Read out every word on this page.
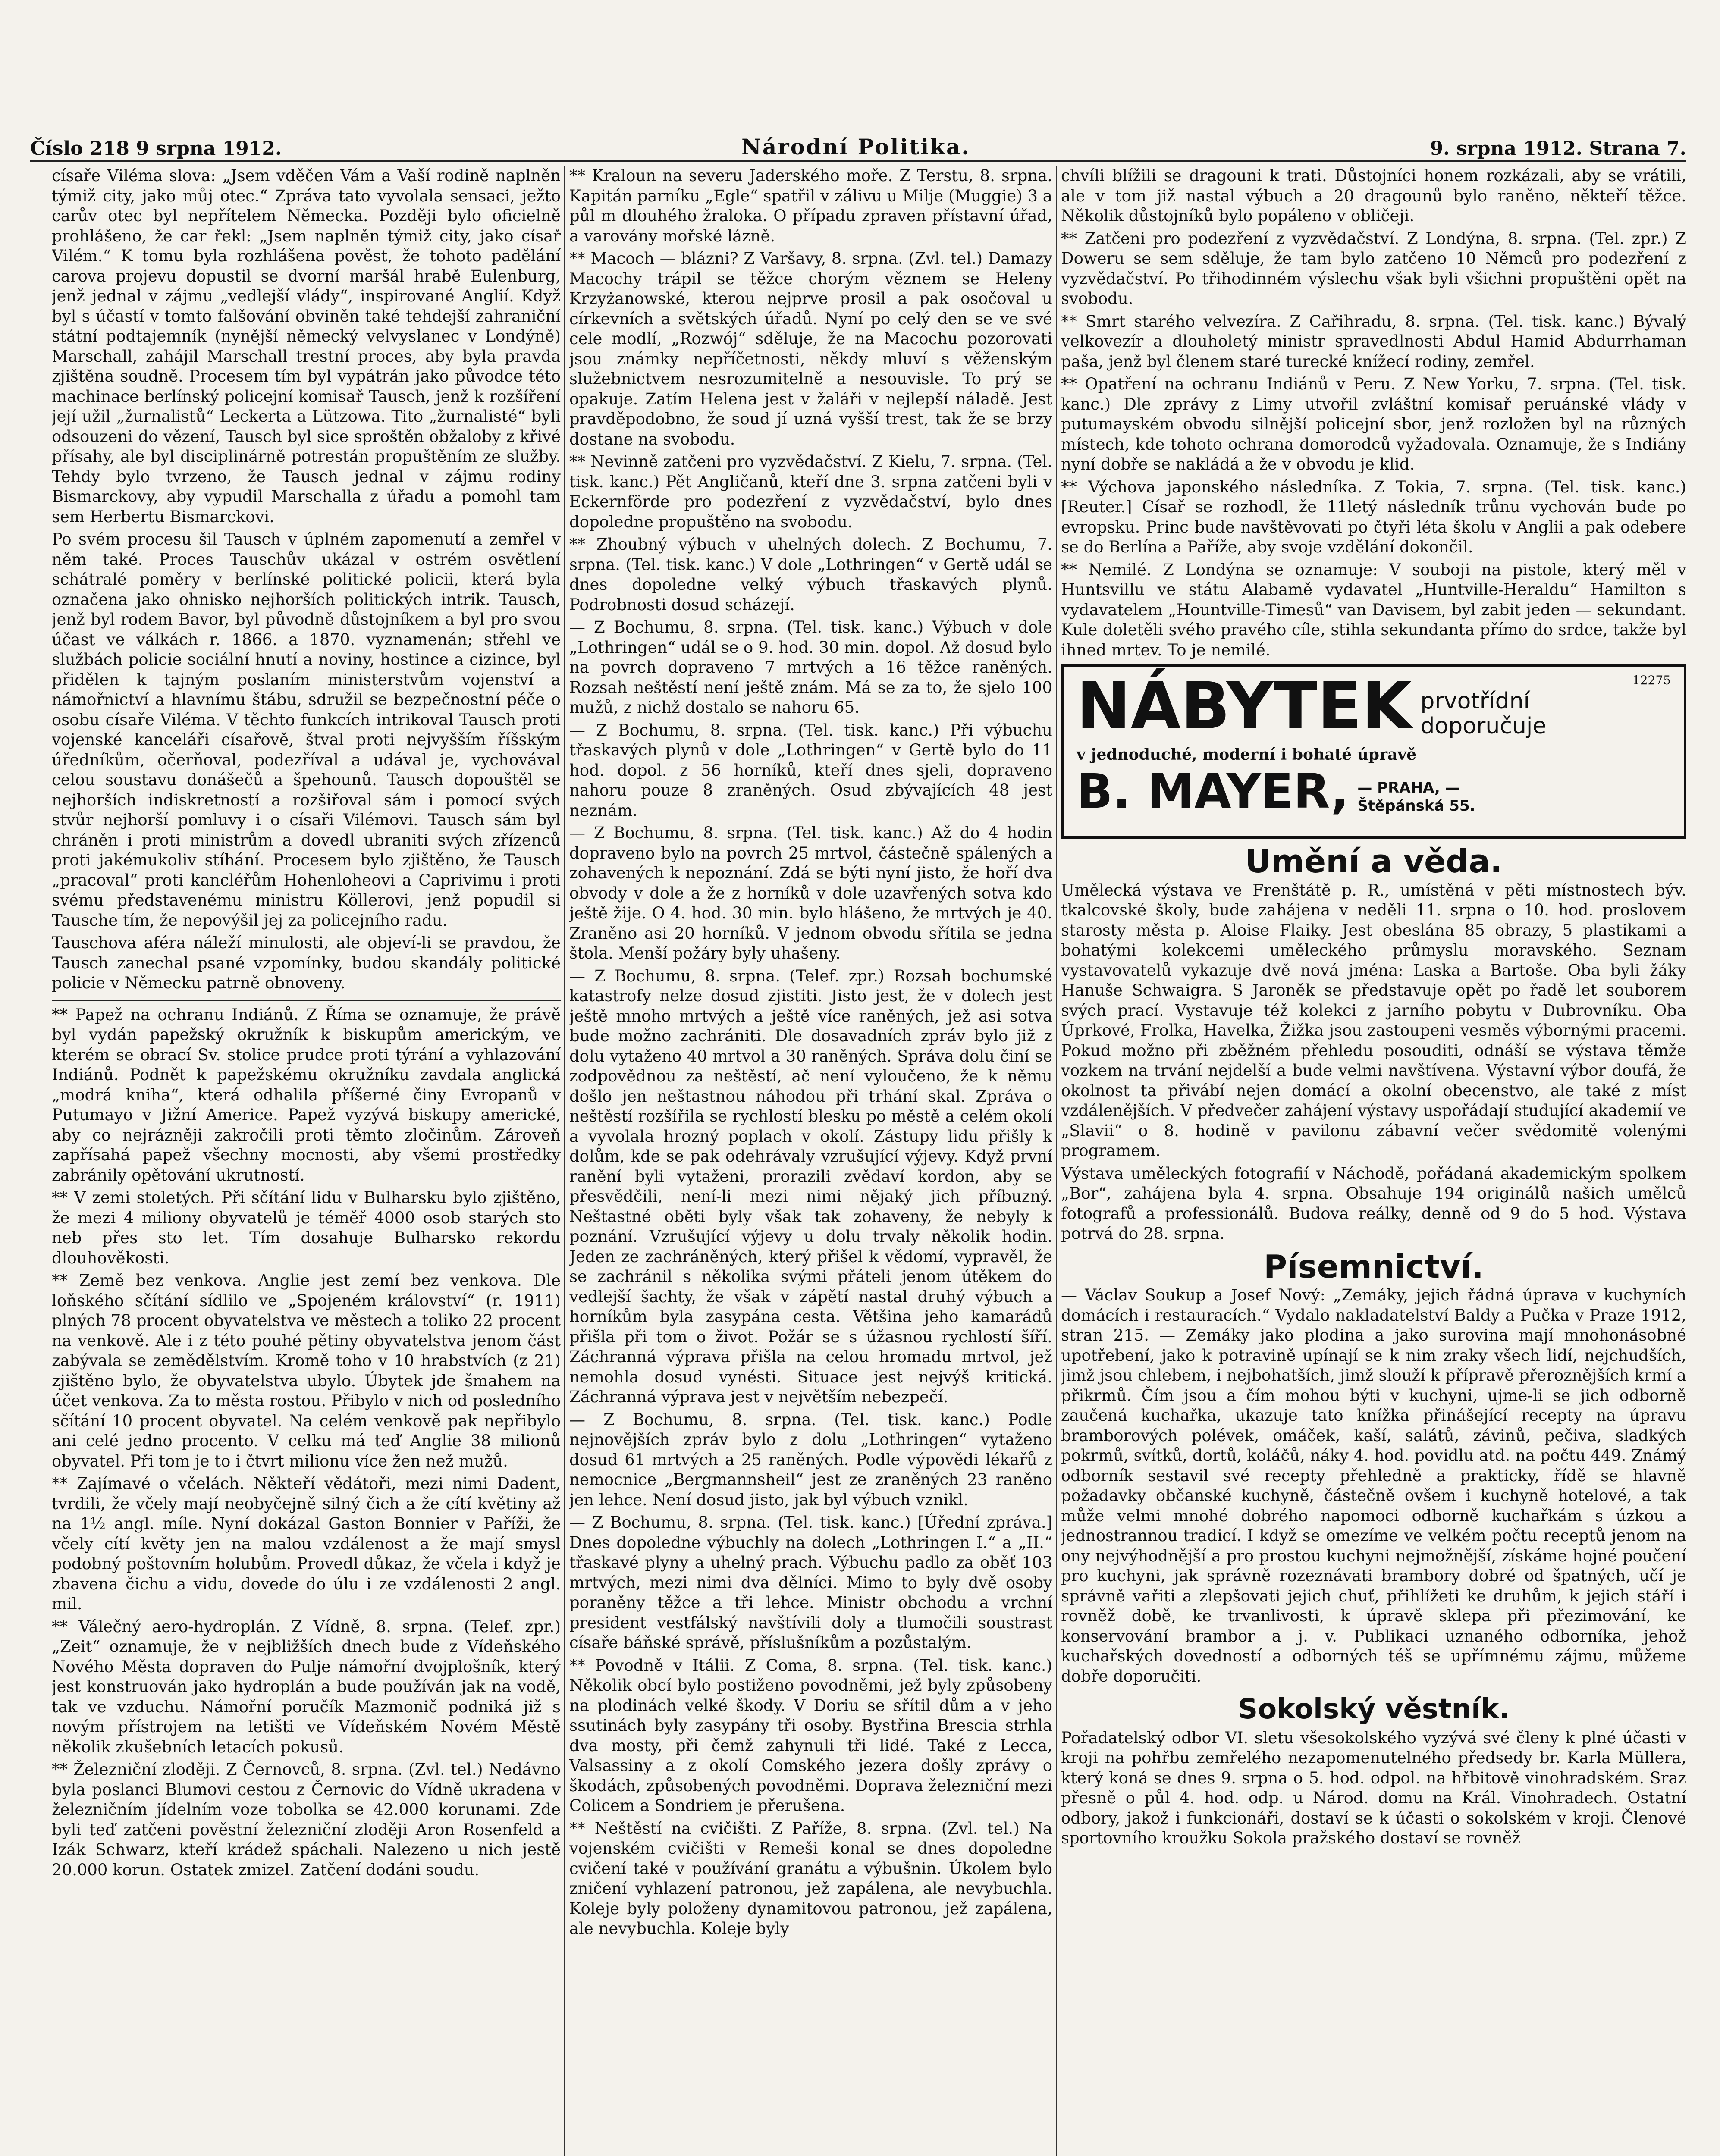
Číslo 218 9 srpna 1912.	Národní Politika.	9. srpna 1912. Strana 7.

císaře Viléma slova: „Jsem vděčen Vám a Vaší rodině naplněn týmiž city, jako můj otec.“ Zpráva tato vyvolala sensaci, ježto carův otec byl nepřítelem Německa. Později bylo oficielně prohlášeno, že car řekl: „Jsem naplněn týmiž city, jako císař Vilém.“ K tomu byla rozhlášena pověst, že tohoto padělání carova projevu dopustil se dvorní maršál hrabě Eulenburg, jenž jednal v zájmu „vedlejší vlády“, inspirované Anglií. Když byl s účastí v tomto falšování obviněn také tehdejší zahraniční státní podtajemník (nynější německý velvyslanec v Londýně) Marschall, zahájil Marschall trestní proces, aby byla pravda zjištěna soudně. Procesem tím byl vypátrán jako původce této machinace berlínský policejní komisař Tausch, jenž k rozšíření její užil „žurnalistů“ Leckerta a Lützowa. Tito „žurnalisté“ byli odsouzeni do vězení, Tausch byl sice sproštěn obžaloby z křivé přísahy, ale byl disciplinárně potrestán propuštěním ze služby. Tehdy bylo tvrzeno, že Tausch jednal v zájmu rodiny Bismarckovy, aby vypudil Marschalla z úřadu a pomohl tam sem Herbertu Bismarckovi.

Po svém procesu šil Tausch v úplném zapomenutí a zemřel v něm také. Proces Tauschův ukázal v ostrém osvětlení schátralé poměry v berlínské politické policii, která byla označena jako ohnisko nejhorších politických intrik. Tausch, jenž byl rodem Bavor, byl původně důstojníkem a byl pro svou účast ve válkách r. 1866. a 1870. vyznamenán; střehl ve službách policie sociální hnutí a noviny, hostince a cizince, byl přidělen k tajným poslaním ministerstvům vojenství a námořnictví a hlavnímu štábu, sdružil se bezpečnostní péče o osobu císaře Viléma. V těchto funkcích intrikoval Tausch proti vojenské kanceláři císařově, štval proti nejvyšším říšským úředníkům, očerňoval, podezříval a udával je, vychovával celou soustavu donášečů a špehounů. Tausch dopouštěl se nejhorších indiskretností a rozšiřoval sám i pomocí svých stvůr nejhorší pomluvy i o císaři Vilémovi. Tausch sám byl chráněn i proti ministrům a dovedl ubraniti svých zřízenců proti jakémukoliv stíhání. Procesem bylo zjištěno, že Tausch „pracoval“ proti kancléřům Hohenloheovi a Caprivimu i proti svému představenému ministru Köllerovi, jenž popudil si Tausche tím, že nepovýšil jej za policejního radu.

Tauschova aféra náleží minulosti, ale objeví-li se pravdou, že Tausch zanechal psané vzpomínky, budou skandály politické policie v Německu patrně obnoveny.

** Papež na ochranu Indiánů. Z Říma se oznamuje, že právě byl vydán papežský okružník k biskupům americkým, ve kterém se obrací Sv. stolice prudce proti týrání a vyhlazování Indiánů. Podnět k papežskému okružníku zavdala anglická „modrá kniha“, která odhalila příšerné činy Evropanů v Putumayo v Jižní Americe. Papež vyzývá biskupy americké, aby co nejrázněji zakročili proti těmto zločinům. Zároveň zapřísahá papež všechny mocnosti, aby všemi prostředky zabránily opětování ukrutností.

** V zemi stoletých. Při sčítání lidu v Bulharsku bylo zjištěno, že mezi 4 miliony obyvatelů je téměř 4000 osob starých sto neb přes sto let. Tím dosahuje Bulharsko rekordu dlouhověkosti.

** Země bez venkova. Anglie jest zemí bez venkova. Dle loňského sčítání sídlilo ve „Spojeném království“ (r. 1911) plných 78 procent obyvatelstva ve městech a toliko 22 procent na venkově. Ale i z této pouhé pětiny obyvatelstva jenom část zabývala se zemědělstvím. Kromě toho v 10 hrabstvích (z 21) zjištěno bylo, že obyvatelstva ubylo. Úbytek jde šmahem na účet venkova. Za to města rostou. Přibylo v nich od posledního sčítání 10 procent obyvatel. Na celém venkově pak nepřibylo ani celé jedno procento. V celku má teď Anglie 38 milionů obyvatel. Při tom je to i čtvrt milionu více žen než mužů.

** Zajímavé o včelách. Někteří vědátoři, mezi nimi Dadent, tvrdili, že včely mají neobyčejně silný čich a že cítí květiny až na 1½ angl. míle. Nyní dokázal Gaston Bonnier v Paříži, že včely cítí květy jen na malou vzdálenost a že mají smysl podobný poštovním holubům. Provedl důkaz, že včela i když je zbavena čichu a vidu, dovede do úlu i ze vzdálenosti 2 angl. mil.

** Válečný aero-hydroplán. Z Vídně, 8. srpna. (Telef. zpr.) „Zeit“ oznamuje, že v nejbližších dnech bude z Vídeňského Nového Města dopraven do Pulje námořní dvojplošník, který jest konstruován jako hydroplán a bude používán jak na vodě, tak ve vzduchu. Námořní poručík Mazmonič podniká již s novým přístrojem na letišti ve Vídeňském Novém Městě několik zkušebních letacích pokusů.

** Železniční zloději. Z Černovců, 8. srpna. (Zvl. tel.) Nedávno byla poslanci Blumovi cestou z Černovic do Vídně ukradena v železničním jídelním voze tobolka se 42.000 korunami. Zde byli teď zatčeni pověstní železniční zloději Aron Rosenfeld a Izák Schwarz, kteří krádež spáchali. Nalezeno u nich jestě 20.000 korun. Ostatek zmizel. Zatčení dodáni soudu.

** Kraloun na severu Jaderského moře. Z Terstu, 8. srpna. Kapitán parníku „Egle“ spatřil v zálivu u Milje (Muggie) 3 a půl m dlouhého žraloka. O případu zpraven přístavní úřad, a varovány mořské lázně.

** Macoch — blázni? Z Varšavy, 8. srpna. (Zvl. tel.) Damazy Macochy trápil se těžce chorým věznem se Heleny Krzyżanowské, kterou nejprve prosil a pak osočoval u církevních a světských úřadů. Nyní po celý den se ve své cele modlí, „Rozwój“ sděluje, že na Macochu pozorovati jsou známky nepříčetnosti, někdy mluví s věženským služebnictvem nesrozumitelně a nesouvisle. To prý se opakuje. Zatím Helena jest v žaláři v nejlepší náladě. Jest pravděpodobno, že soud jí uzná vyšší trest, tak že se brzy dostane na svobodu.

** Nevinně zatčeni pro vyzvědačství. Z Kielu, 7. srpna. (Tel. tisk. kanc.) Pět Angličanů, kteří dne 3. srpna zatčeni byli v Eckernförde pro podezření z vyzvědačství, bylo dnes dopoledne propuštěno na svobodu.

** Zhoubný výbuch v uhelných dolech. Z Bochumu, 7. srpna. (Tel. tisk. kanc.) V dole „Lothringen“ v Gertě udál se dnes dopoledne velký výbuch třaskavých plynů. Podrobnosti dosud scházejí.

— Z Bochumu, 8. srpna. (Tel. tisk. kanc.) Výbuch v dole „Lothringen“ udál se o 9. hod. 30 min. dopol. Až dosud bylo na povrch dopraveno 7 mrtvých a 16 těžce raněných. Rozsah neštěstí není ještě znám. Má se za to, že sjelo 100 mužů, z nichž dostalo se nahoru 65.

— Z Bochumu, 8. srpna. (Tel. tisk. kanc.) Při výbuchu třaskavých plynů v dole „Lothringen“ v Gertě bylo do 11 hod. dopol. z 56 horníků, kteří dnes sjeli, dopraveno nahoru pouze 8 zraněných. Osud zbývajících 48 jest neznám.

— Z Bochumu, 8. srpna. (Tel. tisk. kanc.) Až do 4 hodin dopraveno bylo na povrch 25 mrtvol, částečně spálených a zohavených k nepoznání. Zdá se býti nyní jisto, že hoří dva obvody v dole a že z horníků v dole uzavřených sotva kdo ještě žije. O 4. hod. 30 min. bylo hlášeno, že mrtvých je 40. Zraněno asi 20 horníků. V jednom obvodu sřítila se jedna štola. Menší požáry byly uhašeny.

— Z Bochumu, 8. srpna. (Telef. zpr.) Rozsah bochumské katastrofy nelze dosud zjistiti. Jisto jest, že v dolech jest ještě mnoho mrtvých a ještě více raněných, jež asi sotva bude možno zachrániti. Dle dosavadních zpráv bylo již z dolu vytaženo 40 mrtvol a 30 raněných. Správa dolu činí se zodpovědnou za neštěstí, ač není vyloučeno, že k němu došlo jen neštastnou náhodou při trhání skal. Zpráva o neštěstí rozšířila se rychlostí blesku po městě a celém okolí a vyvolala hrozný poplach v okolí. Zástupy lidu přišly k dolům, kde se pak odehrávaly vzrušující výjevy. Když první ranění byli vytaženi, prorazili zvědaví kordon, aby se přesvědčili, není-li mezi nimi nějaký jich příbuzný. Neštastné oběti byly však tak zohaveny, že nebyly k poznání. Vzrušující výjevy u dolu trvaly několik hodin. Jeden ze zachráněných, který přišel k vědomí, vypravěl, že se zachránil s několika svými přáteli jenom útěkem do vedlejší šachty, že však v zápětí nastal druhý výbuch a horníkům byla zasypána cesta. Většina jeho kamarádů přišla při tom o život. Požár se s úžasnou rychlostí šíří. Záchranná výprava přišla na celou hromadu mrtvol, jež nemohla dosud vynésti. Situace jest nejvýš kritická. Záchranná výprava jest v největším nebezpečí.

— Z Bochumu, 8. srpna. (Tel. tisk. kanc.) Podle nejnovějších zpráv bylo z dolu „Lothringen“ vytaženo dosud 61 mrtvých a 25 raněných. Podle výpovědi lékařů z nemocnice „Bergmannsheil“ jest ze zraněných 23 raněno jen lehce. Není dosud jisto, jak byl výbuch vznikl.

— Z Bochumu, 8. srpna. (Tel. tisk. kanc.) [Úřední zpráva.] Dnes dopoledne výbuchly na dolech „Lothringen I.“ a „II.“ třaskavé plyny a uhelný prach. Výbuchu padlo za oběť 103 mrtvých, mezi nimi dva dělníci. Mimo to byly dvě osoby poraněny těžce a tři lehce. Ministr obchodu a vrchní president vestfálský navštívili doly a tlumočili soustrast císaře báňské správě, příslušníkům a pozůstalým.

** Povodně v Itálii. Z Coma, 8. srpna. (Tel. tisk. kanc.) Několik obcí bylo postiženo povodněmi, jež byly způsobeny na plodinách velké škody. V Doriu se sřítil dům a v jeho ssutinách byly zasypány tři osoby. Bystřina Brescia strhla dva mosty, při čemž zahynuli tři lidé. Také z Lecca, Valsassiny a z okolí Comského jezera došly zprávy o škodách, způsobených povodněmi. Doprava železniční mezi Colicem a Sondriem je přerušena.

** Neštěstí na cvičišti. Z Paříže, 8. srpna. (Zvl. tel.) Na vojenském cvičišti v Remeši konal se dnes dopoledne cvičení také v používání granátu a výbušnin. Úkolem bylo zničení vyhlazení patronou, jež zapálena, ale nevybuchla. Koleje byly položeny dynamitovou patronou, jež zapálena, ale nevybuchla. Koleje byly

chvíli blížili se dragouni k trati. Důstojníci honem rozkázali, aby se vrátili, ale v tom již nastal výbuch a 20 dragounů bylo raněno, někteří těžce. Několik důstojníků bylo popáleno v obličeji.

** Zatčeni pro podezření z vyzvědačství. Z Londýna, 8. srpna. (Tel. zpr.) Z Doweru se sem sděluje, že tam bylo zatčeno 10 Němců pro podezření z vyzvědačství. Po třihodinném výslechu však byli všichni propuštěni opět na svobodu.

** Smrt starého velvezíra. Z Cařihradu, 8. srpna. (Tel. tisk. kanc.) Bývalý velkovezír a dlouholetý ministr spravedlnosti Abdul Hamid Abdurrhaman paša, jenž byl členem staré turecké knížecí rodiny, zemřel.

** Opatření na ochranu Indiánů v Peru. Z New Yorku, 7. srpna. (Tel. tisk. kanc.) Dle zprávy z Limy utvořil zvláštní komisař peruánské vlády v putumayském obvodu silnější policejní sbor, jenž rozložen byl na různých místech, kde tohoto ochrana domorodců vyžadovala. Oznamuje, že s Indiány nyní dobře se nakládá a že v obvodu je klid.

** Výchova japonského následníka. Z Tokia, 7. srpna. (Tel. tisk. kanc.) [Reuter.] Císař se rozhodl, že 11letý následník trůnu vychován bude po evropsku. Princ bude navštěvovati po čtyři léta školu v Anglii a pak odebere se do Berlína a Paříže, aby svoje vzdělání dokončil.

** Nemilé. Z Londýna se oznamuje: V souboji na pistole, který měl v Huntsvillu ve státu Alabamě vydavatel „Huntville-Heraldu“ Hamilton s vydavatelem „Hountville-Timesů“ van Davisem, byl zabit jeden — sekundant. Kule doletěli svého pravého cíle, stihla sekundanta přímo do srdce, takže byl ihned mrtev. To je nemilé.

12275
NÁBYTEK prvotřídní doporučuje
v jednoduché, moderní i bohaté úpravě
B. MAYER, — PRAHA, —
Štěpánská 55.
Umění a věda.

Umělecká výstava ve Frenštátě p. R., umístěná v pěti místnostech býv. tkalcovské školy, bude zahájena v neděli 11. srpna o 10. hod. proslovem starosty města p. Aloise Flaiky. Jest obeslána 85 obrazy, 5 plastikami a bohatými kolekcemi uměleckého průmyslu moravského. Seznam vystavovatelů vykazuje dvě nová jména: Laska a Bartoše. Oba byli žáky Hanuše Schwaigra. S Jaroněk se představuje opět po řadě let souborem svých prací. Vystavuje též kolekci z jarního pobytu v Dubrovníku. Oba Úprkové, Frolka, Havelka, Žižka jsou zastoupeni vesměs výbornými pracemi. Pokud možno při zběžném přehledu posouditi, odnáší se výstava těmže vozkem na trvání nejdelší a bude velmi navštívena. Výstavní výbor doufá, že okolnost ta přivábí nejen domácí a okolní obecenstvo, ale také z míst vzdálenějších. V předvečer zahájení výstavy uspořádají studující akademií ve „Slavii“ o 8. hodině v pavilonu zábavní večer svědomitě volenými programem.

Výstava uměleckých fotografií v Náchodě, pořádaná akademickým spolkem „Bor“, zahájena byla 4. srpna. Obsahuje 194 originálů našich umělců fotografů a professionálů. Budova reálky, denně od 9 do 5 hod. Výstava potrvá do 28. srpna.

Písemnictví.

— Václav Soukup a Josef Nový: „Zemáky, jejich řádná úprava v kuchyních domácích i restauracích.“ Vydalo nakladatelství Baldy a Pučka v Praze 1912, stran 215. — Zemáky jako plodina a jako surovina mají mnohonásobné upotřebení, jako k potravině upínají se k nim zraky všech lidí, nejchudších, jimž jsou chlebem, i nejbohatších, jimž slouží k přípravě přeroznějších krmí a přikrmů. Čím jsou a čím mohou býti v kuchyni, ujme-li se jich odborně zaučená kuchařka, ukazuje tato knížka přinášející recepty na úpravu bramborových polévek, omáček, kaší, salátů, závinů, pečiva, sladkých pokrmů, svítků, dortů, koláčů, náky 4. hod. povidlu atd. na počtu 449. Známý odborník sestavil své recepty přehledně a prakticky, řídě se hlavně požadavky občanské kuchyně, částečně ovšem i kuchyně hotelové, a tak může velmi mnohé dobrého napomoci odborně kuchařkám s úzkou a jednostrannou tradicí. I když se omezíme ve velkém počtu receptů jenom na ony nejvýhodnější a pro prostou kuchyni nejmožnější, získáme hojné poučení pro kuchyni, jak správně rozeznávati brambory dobré od špatných, učí je správně vařiti a zlepšovati jejich chuť, přihlížeti ke druhům, k jejich stáří i rovněž době, ke trvanlivosti, k úpravě sklepa při přezimování, ke konservování brambor a j. v. Publikaci uznaného odborníka, jehož kuchařských dovedností a odborných téš se upřímnému zájmu, můžeme dobře doporučiti.

Sokolský věstník.

Pořadatelský odbor VI. sletu všesokolského vyzývá své členy k plné účasti v kroji na pohřbu zemřelého nezapomenutelného předsedy br. Karla Müllera, který koná se dnes 9. srpna o 5. hod. odpol. na hřbitově vinohradském. Sraz přesně o půl 4. hod. odp. u Národ. domu na Král. Vinohradech. Ostatní odbory, jakož i funkcionáři, dostaví se k účasti o sokolském v kroji. Členové sportovního kroužku Sokola pražského dostaví se rovněž
